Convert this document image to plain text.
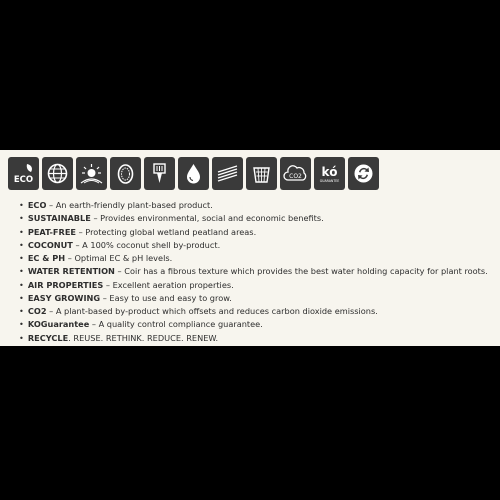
ECO	CO2 kó
GUARANTEE
• ECO – An earth-friendly plant-based product.
• SUSTAINABLE – Provides environmental, social and economic benefits.
• PEAT-FREE – Protecting global wetland peatland areas.
• COCONUT – A 100% coconut shell by-product.
• EC & PH – Optimal EC & pH levels.
• WATER RETENTION – Coir has a fibrous texture which provides the best water holding capacity for plant roots.
• AIR PROPERTIES – Excellent aeration properties.
• EASY GROWING – Easy to use and easy to grow.
• CO2 – A plant-based by-product which offsets and reduces carbon dioxide emissions.
• KOGuarantee – A quality control compliance guarantee.
• RECYCLE. REUSE. RETHINK. REDUCE. RENEW.
